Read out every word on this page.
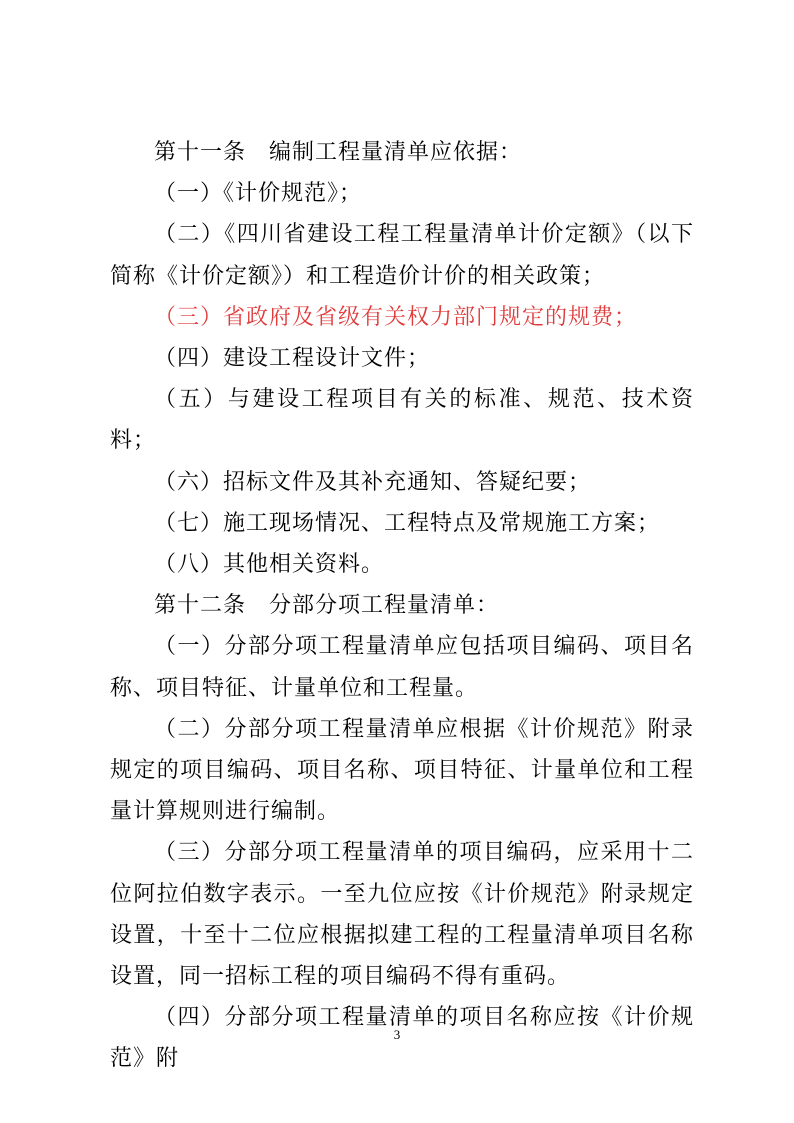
第十一条　编制工程量清单应依据：

（一）《计价规范》；

（二）《四川省建设工程工程量清单计价定额》（以下简称《计价定额》）和工程造价计价的相关政策；

（三）省政府及省级有关权力部门规定的规费；

（四）建设工程设计文件；

（五）与建设工程项目有关的标准、规范、技术资料；

（六）招标文件及其补充通知、答疑纪要；

（七）施工现场情况、工程特点及常规施工方案；

（八）其他相关资料。

第十二条　分部分项工程量清单：

（一）分部分项工程量清单应包括项目编码、项目名称、项目特征、计量单位和工程量。

（二）分部分项工程量清单应根据《计价规范》附录规定的项目编码、项目名称、项目特征、计量单位和工程量计算规则进行编制。

（三）分部分项工程量清单的项目编码，应采用十二位阿拉伯数字表示。一至九位应按《计价规范》附录规定设置，十至十二位应根据拟建工程的工程量清单项目名称设置，同一招标工程的项目编码不得有重码。

（四）分部分项工程量清单的项目名称应按《计价规范》附

3
